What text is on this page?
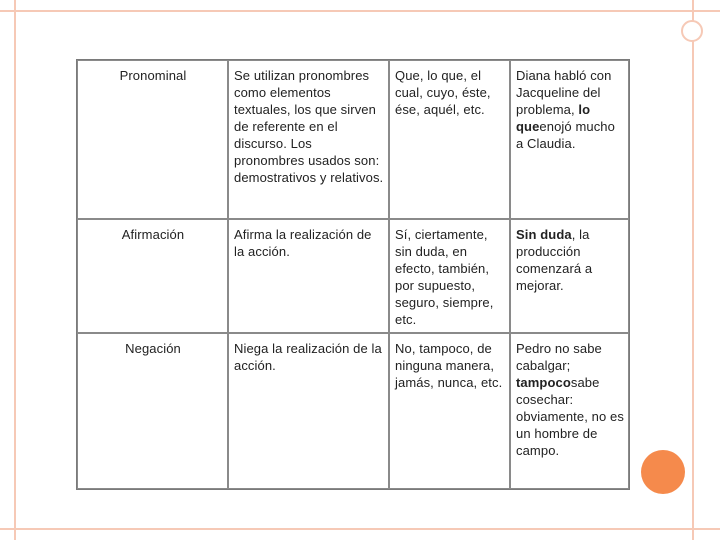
Pronominal	Se utilizan pronombres como elementos textuales, los que sirven de referente en el discurso. Los pronombres usados son: demostrativos y relativos.	Que, lo que, el cual, cuyo, éste, ése, aquél, etc.	Diana habló con Jacqueline del problema, lo queenojó mucho a Claudia.
Afirmación	Afirma la realización de la acción.	Sí, ciertamente, sin duda, en efecto, también, por supuesto, seguro, siempre, etc.	Sin duda, la producción comenzará a mejorar.
Negación	Niega la realización de la acción.	No, tampoco, de ninguna manera, jamás, nunca, etc.	Pedro no sabe cabalgar; tampocosabe cosechar: obviamente, no es un hombre de campo.
